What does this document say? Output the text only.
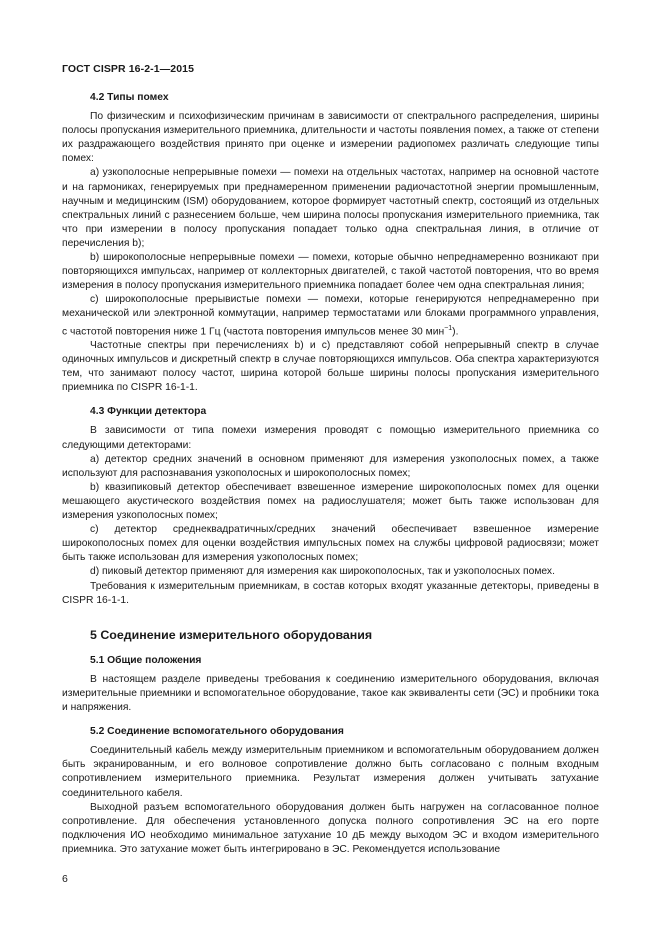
ГОСТ CISPR 16-2-1—2015
4.2 Типы помех

По физическим и психофизическим причинам в зависимости от спектрального распределения, ширины полосы пропускания измерительного приемника, длительности и частоты появления помех, а также от степени их раздражающего воздействия принято при оценке и измерении радиопомех различать следующие типы помех:

а) узкополосные непрерывные помехи — помехи на отдельных частотах, например на основной частоте и на гармониках, генерируемых при преднамеренном применении радиочастотной энергии промышленным, научным и медицинским (ISM) оборудованием, которое формирует частотный спектр, состоящий из отдельных спектральных линий с разнесением больше, чем ширина полосы пропускания измерительного приемника, так что при измерении в полосу пропускания попадает только одна спектральная линия, в отличие от перечисления b);

b) широкополосные непрерывные помехи — помехи, которые обычно непреднамеренно возникают при повторяющихся импульсах, например от коллекторных двигателей, с такой частотой повторения, что во время измерения в полосу пропускания измерительного приемника попадает более чем одна спектральная линия;

с) широкополосные прерывистые помехи — помехи, которые генерируются непреднамеренно при механической или электронной коммутации, например термостатами или блоками программного управления, с частотой повторения ниже 1 Гц (частота повторения импульсов менее 30 мин$^{-1}$).

Частотные спектры при перечислениях b) и с) представляют собой непрерывный спектр в случае одиночных импульсов и дискретный спектр в случае повторяющихся импульсов. Оба спектра характеризуются тем, что занимают полосу частот, ширина которой больше ширины полосы пропускания измерительного приемника по CISPR 16-1-1.

4.3 Функции детектора

В зависимости от типа помехи измерения проводят с помощью измерительного приемника со следующими детекторами:

а) детектор средних значений в основном применяют для измерения узкополосных помех, а также используют для распознавания узкополосных и широкополосных помех;

b) квазипиковый детектор обеспечивает взвешенное измерение широкополосных помех для оценки мешающего акустического воздействия помех на радиослушателя; может быть также использован для измерения узкополосных помех;

с) детектор среднеквадратичных/средних значений обеспечивает взвешенное измерение широкополосных помех для оценки воздействия импульсных помех на службы цифровой радиосвязи; может быть также использован для измерения узкополосных помех;

d) пиковый детектор применяют для измерения как широкополосных, так и узкополосных помех.

Требования к измерительным приемникам, в состав которых входят указанные детекторы, приведены в CISPR 16-1-1.

5 Соединение измерительного оборудования
5.1 Общие положения

В настоящем разделе приведены требования к соединению измерительного оборудования, включая измерительные приемники и вспомогательное оборудование, такое как эквиваленты сети (ЭС) и пробники тока и напряжения.

5.2 Соединение вспомогательного оборудования

Соединительный кабель между измерительным приемником и вспомогательным оборудованием должен быть экранированным, и его волновое сопротивление должно быть согласовано с полным входным сопротивлением измерительного приемника. Результат измерения должен учитывать затухание соединительного кабеля.

Выходной разъем вспомогательного оборудования должен быть нагружен на согласованное полное сопротивление. Для обеспечения установленного допуска полного сопротивления ЭС на его порте подключения ИО необходимо минимальное затухание 10 дБ между выходом ЭС и входом измерительного приемника. Это затухание может быть интегрировано в ЭС. Рекомендуется использование

6
